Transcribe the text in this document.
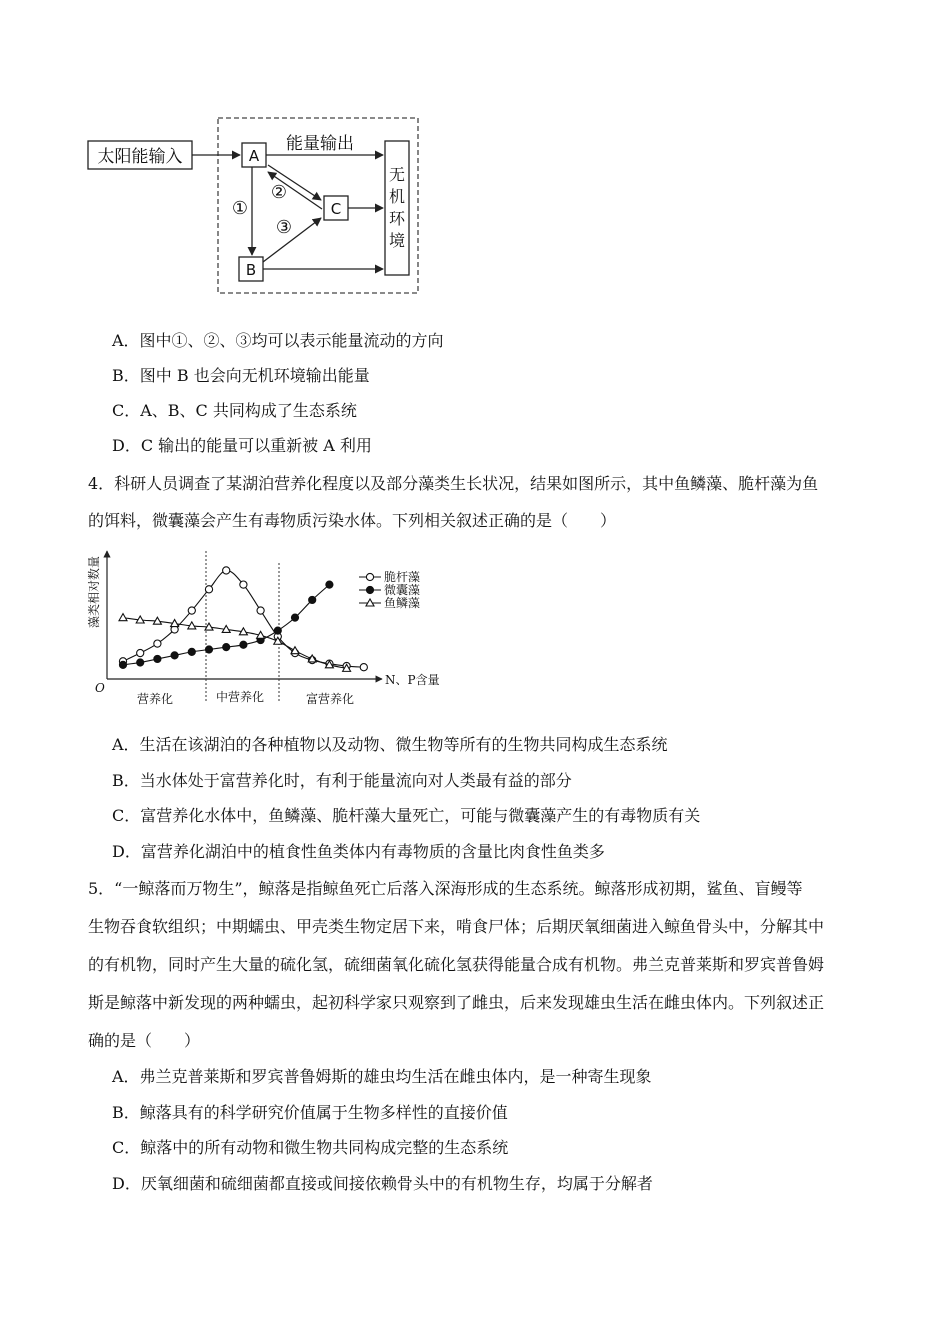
太阳能输入	A
B
C
无
机
环
境
能量输出
①
②
③
A．图中①、②、③均可以表示能量流动的方向
B．图中 B 也会向无机环境输出能量
C．A、B、C 共同构成了生态系统
D．C 输出的能量可以重新被 A 利用
4．科研人员调查了某湖泊营养化程度以及部分藻类生长状况，结果如图所示，其中鱼鳞藻、脆杆藻为鱼
的饵料，微囊藻会产生有毒物质污染水体。下列相关叙述正确的是（　　）
藻类相对数量
N、P含量
O
营养化	中营养化	富营养化
脆杆藻
微囊藻
鱼鳞藻
A．生活在该湖泊的各种植物以及动物、微生物等所有的生物共同构成生态系统
B．当水体处于富营养化时，有利于能量流向对人类最有益的部分
C．富营养化水体中，鱼鳞藻、脆杆藻大量死亡，可能与微囊藻产生的有毒物质有关
D．富营养化湖泊中的植食性鱼类体内有毒物质的含量比肉食性鱼类多
5．“一鲸落而万物生”，鲸落是指鲸鱼死亡后落入深海形成的生态系统。鲸落形成初期，鲨鱼、盲鳗等
生物吞食软组织；中期蠕虫、甲壳类生物定居下来，啃食尸体；后期厌氧细菌进入鲸鱼骨头中，分解其中
的有机物，同时产生大量的硫化氢，硫细菌氧化硫化氢获得能量合成有机物。弗兰克普莱斯和罗宾普鲁姆
斯是鲸落中新发现的两种蠕虫，起初科学家只观察到了雌虫，后来发现雄虫生活在雌虫体内。下列叙述正
确的是（　　）
A．弗兰克普莱斯和罗宾普鲁姆斯的雄虫均生活在雌虫体内，是一种寄生现象
B．鲸落具有的科学研究价值属于生物多样性的直接价值
C．鲸落中的所有动物和微生物共同构成完整的生态系统
D．厌氧细菌和硫细菌都直接或间接依赖骨头中的有机物生存，均属于分解者
